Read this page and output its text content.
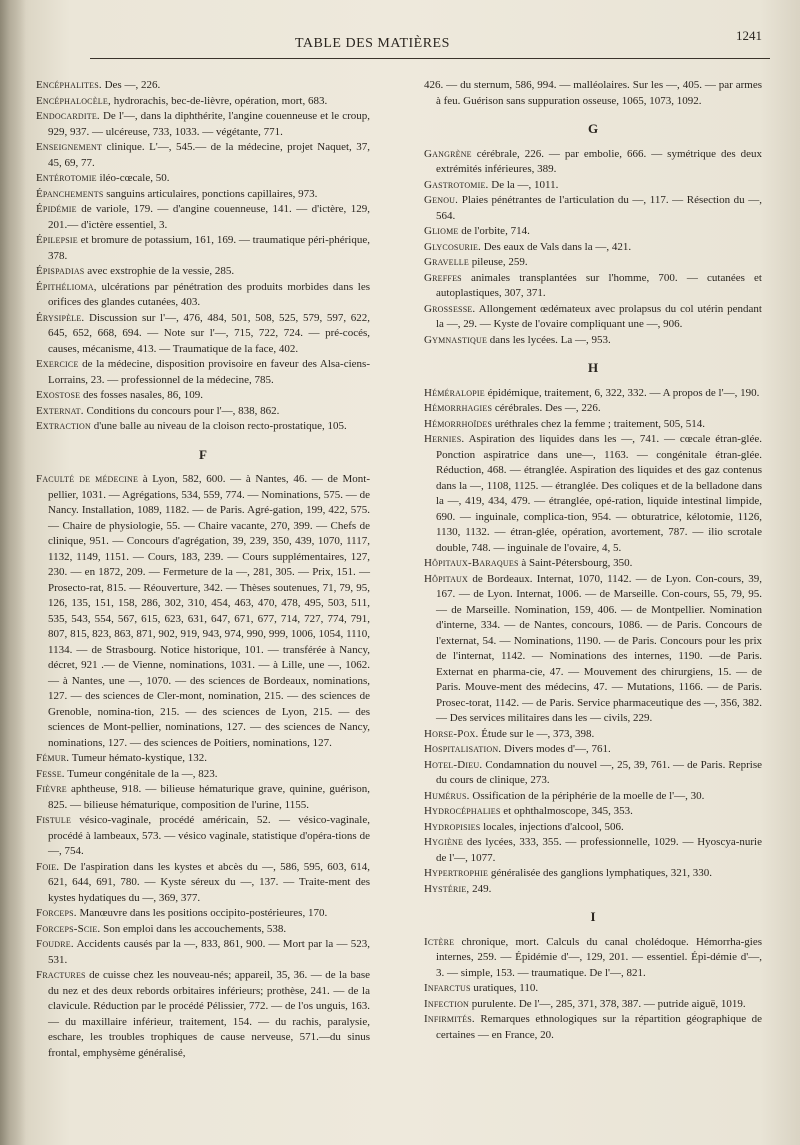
TABLE DES MATIÈRES
1241

Encéphalites. Des —, 226.

Encéphalocèle, hydrorachis, bec-de-lièvre, opération, mort, 683.

Endocardite. De l'—, dans la diphthérite, l'angine couenneuse et le croup, 929, 937. — ulcéreuse, 733, 1033. — végétante, 771.

Enseignement clinique. L'—, 545.— de la médecine, projet Naquet, 37, 45, 69, 77.

Entérotomie iléo-cœcale, 50.

Épanchements sanguins articulaires, ponctions capillaires, 973.

Épidémie de variole, 179. — d'angine couenneuse, 141. — d'ictère, 129, 201.— d'ictère essentiel, 3.

Épilepsie et bromure de potassium, 161, 169. — traumatique péri-phérique, 378.

Épispadias avec exstrophie de la vessie, 285.

Épithélioma, ulcérations par pénétration des produits morbides dans les orifices des glandes cutanées, 403.

Érysipèle. Discussion sur l'—, 476, 484, 501, 508, 525, 579, 597, 622, 645, 652, 668, 694. — Note sur l'—, 715, 722, 724. — pré-cocés, causes, mécanisme, 413. — Traumatique de la face, 402.

Exercice de la médecine, disposition provisoire en faveur des Alsa-ciens-Lorrains, 23. — professionnel de la médecine, 785.

Exostose des fosses nasales, 86, 109.

Externat. Conditions du concours pour l'—, 838, 862.

Extraction d'une balle au niveau de la cloison recto-prostatique, 105.

F

Faculté de médecine à Lyon, 582, 600. — à Nantes, 46. — de Mont-pellier, 1031. — Agrégations, 534, 559, 774. — Nominations, 575. — de Nancy. Installation, 1089, 1182. — de Paris. Agré-gation, 199, 422, 575. — Chaire de physiologie, 55. — Chaire vacante, 270, 399. — Chefs de clinique, 951. — Concours d'agrégation, 39, 239, 350, 439, 1070, 1117, 1132, 1149, 1151. — Cours, 183, 239. — Cours supplémentaires, 127, 230. — en 1872, 209. — Fermeture de la —, 281, 305. — Prix, 151. — Prosecto-rat, 815. — Réouverture, 342. — Thèses soutenues, 71, 79, 95, 126, 135, 151, 158, 286, 302, 310, 454, 463, 470, 478, 495, 503, 511, 535, 543, 554, 567, 615, 623, 631, 647, 671, 677, 714, 727, 774, 791, 807, 815, 823, 863, 871, 902, 919, 943, 974, 990, 999, 1006, 1054, 1110, 1134. — de Strasbourg. Notice historique, 101. — transférée à Nancy, décret, 921 .— de Vienne, nominations, 1031. — à Lille, une —, 1062. — à Nantes, une —, 1070. — des sciences de Bordeaux, nominations, 127. — des sciences de Cler-mont, nomination, 215. — des sciences de Grenoble, nomina-tion, 215. — des sciences de Lyon, 215. — des sciences de Mont-pellier, nominations, 127. — des sciences de Nancy, nominations, 127. — des sciences de Poitiers, nominations, 127.

Fémur. Tumeur hémato-kystique, 132.

Fesse. Tumeur congénitale de la —, 823.

Fièvre aphtheuse, 918. — bilieuse hématurique grave, quinine, guérison, 825. — bilieuse hématurique, composition de l'urine, 1155.

Fistule vésico-vaginale, procédé américain, 52. — vésico-vaginale, procédé à lambeaux, 573. — vésico vaginale, statistique d'opéra-tions de —, 754.

Foie. De l'aspiration dans les kystes et abcès du —, 586, 595, 603, 614, 621, 644, 691, 780. — Kyste séreux du —, 137. — Traite-ment des kystes hydatiques du —, 369, 377.

Forceps. Manœuvre dans les positions occipito-postérieures, 170.

Forceps-Scie. Son emploi dans les accouchements, 538.

Foudre. Accidents causés par la —, 833, 861, 900. — Mort par la — 523, 531.

Fractures de cuisse chez les nouveau-nés; appareil, 35, 36. — de la base du nez et des deux rebords orbitaires inférieurs; prothèse, 241. — de la clavicule. Réduction par le procédé Pélissier, 772. — de l'os unguis, 163. — du maxillaire inférieur, traitement, 154. — du rachis, paralysie, eschare, les troubles trophiques de cause nerveuse, 571.—du sinus frontal, emphysème généralisé,

426. — du sternum, 586, 994. — malléolaires. Sur les —, 405. — par armes à feu. Guérison sans suppuration osseuse, 1065, 1073, 1092.

G

Gangrène cérébrale, 226. — par embolie, 666. — symétrique des deux extrémités inférieures, 389.

Gastrotomie. De la —, 1011.

Genou. Plaies pénétrantes de l'articulation du —, 117. — Résection du —, 564.

Gliome de l'orbite, 714.

Glycosurie. Des eaux de Vals dans la —, 421.

Gravelle pileuse, 259.

Greffes animales transplantées sur l'homme, 700. — cutanées et autoplastiques, 307, 371.

Grossesse. Allongement œdémateux avec prolapsus du col utérin pendant la —, 29. — Kyste de l'ovaire compliquant une —, 906.

Gymnastique dans les lycées. La —, 953.

H

Héméralopie épidémique, traitement, 6, 322, 332. — A propos de l'—, 190.

Hémorrhagies cérébrales. Des —, 226.

Hémorrhoïdes uréthrales chez la femme ; traitement, 505, 514.

Hernies. Aspiration des liquides dans les —, 741. — cœcale étran-glée. Ponction aspiratrice dans une—, 1163. — congénitale étran-glée. Réduction, 468. — étranglée. Aspiration des liquides et des gaz contenus dans la —, 1108, 1125. — étranglée. Des coliques et de la belladone dans la —, 419, 434, 479. — étranglée, opé-ration, liquide intestinal limpide, 690. — inguinale, complica-tion, 954. — obturatrice, kélotomie, 1126, 1130, 1132. — étran-glée, opération, avortement, 787. — ilio scrotale double, 748. — inguinale de l'ovaire, 4, 5.

Hôpitaux-Baraques à Saint-Pétersbourg, 350.

Hôpitaux de Bordeaux. Internat, 1070, 1142. — de Lyon. Con-cours, 39, 167. — de Lyon. Internat, 1006. — de Marseille. Con-cours, 55, 79, 95. — de Marseille. Nomination, 159, 406. — de Montpellier. Nomination d'interne, 334. — de Nantes, concours, 1086. — de Paris. Concours de l'externat, 54. — Nominations, 1190. — de Paris. Concours pour les prix de l'internat, 1142. — Nominations des internes, 1190. —de Paris. Externat en pharma-cie, 47. — Mouvement des chirurgiens, 15. — de Paris. Mouve-ment des médecins, 47. — Mutations, 1166. — de Paris. Prosec-torat, 1142. — de Paris. Service pharmaceutique des —, 356, 382. — Des services militaires dans les — civils, 229.

Horse-Pox. Étude sur le —, 373, 398.

Hospitalisation. Divers modes d'—, 761.

Hotel-Dieu. Condamnation du nouvel —, 25, 39, 761. — de Paris. Reprise du cours de clinique, 273.

Humérus. Ossification de la périphérie de la moelle de l'—, 30.

Hydrocéphalies et ophthalmoscope, 345, 353.

Hydropisies locales, injections d'alcool, 506.

Hygiène des lycées, 333, 355. — professionnelle, 1029. — Hyoscya-nurie de l'—, 1077.

Hypertrophie généralisée des ganglions lymphatiques, 321, 330.

Hystérie, 249.

I

Ictère chronique, mort. Calculs du canal cholédoque. Hémorrha-gies internes, 259. — Épidémie d'—, 129, 201. — essentiel. Épi-démie d'—, 3. — simple, 153. — traumatique. De l'—, 821.

Infarctus uratiques, 110.

Infection purulente. De l'—, 285, 371, 378, 387. — putride aiguë, 1019.

Infirmités. Remarques ethnologiques sur la répartition géographique de certaines — en France, 20.
